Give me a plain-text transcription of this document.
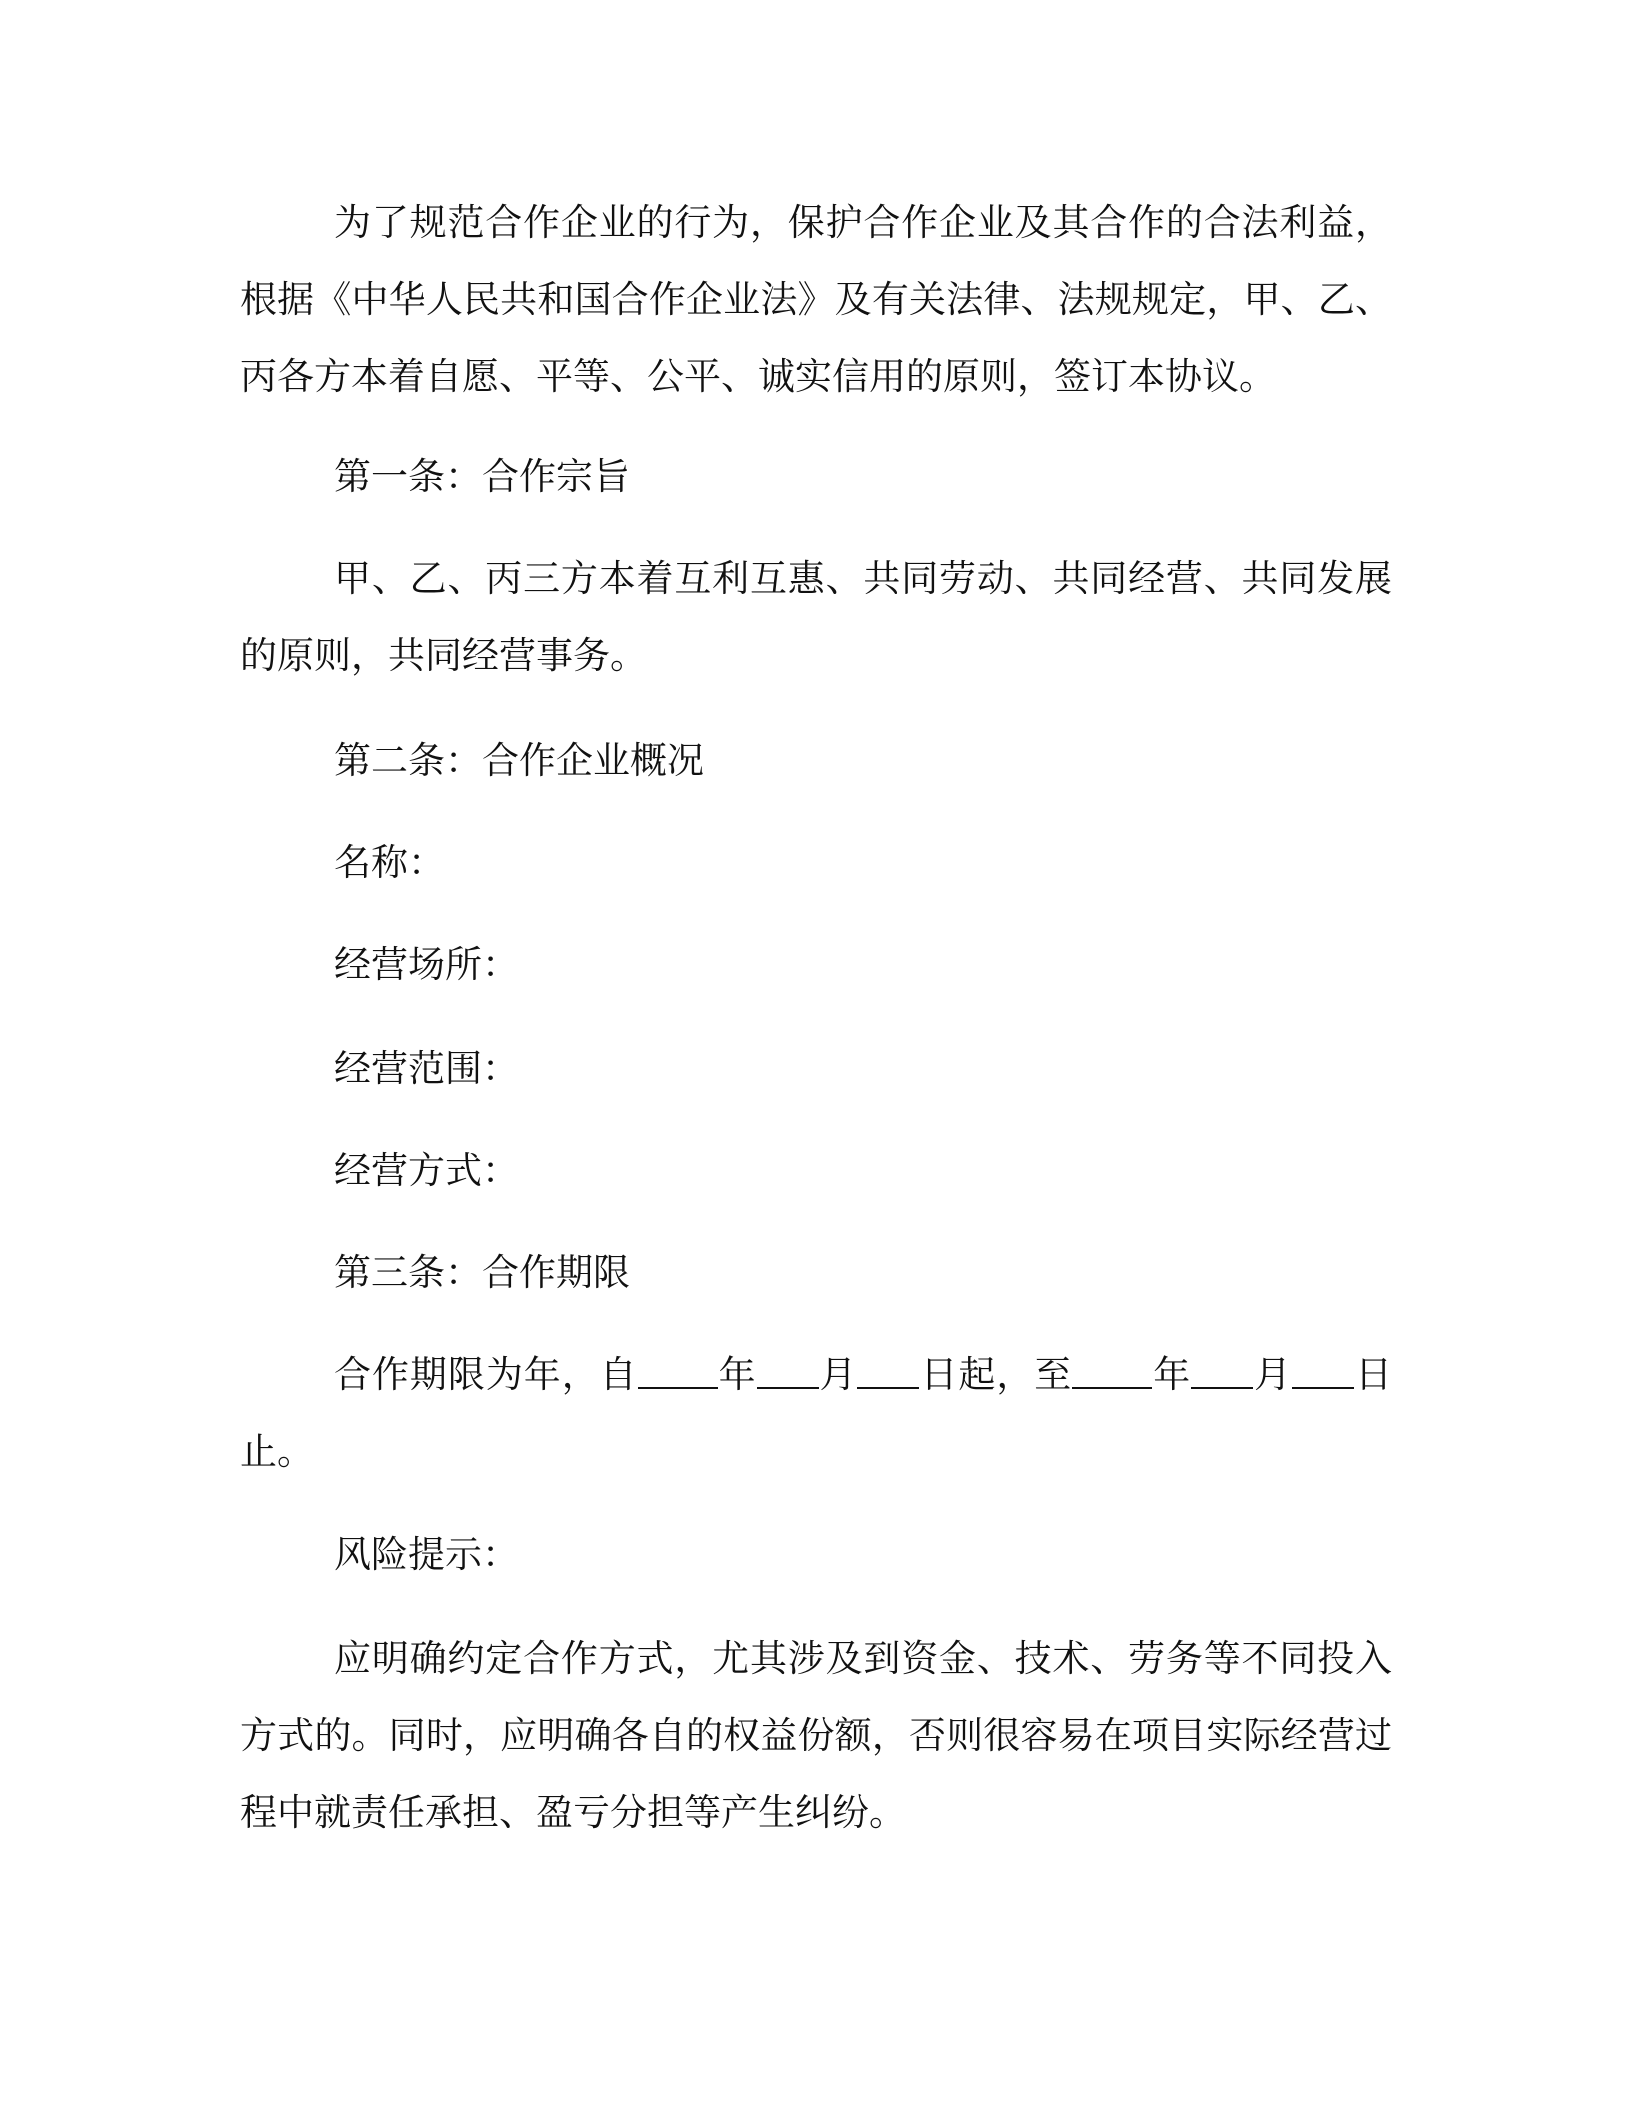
为了规范合作企业的行为，保护合作企业及其合作的合法利益，根据《中华人民共和国合作企业法》及有关法律、法规规定，甲、乙、丙各方本着自愿、平等、公平、诚实信用的原则，签订本协议。

第一条：合作宗旨

甲、乙、丙三方本着互利互惠、共同劳动、共同经营、共同发展的原则，共同经营事务。

第二条：合作企业概况

名称：

经营场所：

经营范围：

经营方式：

第三条：合作期限

合作期限为年，自 年 月 日起，至 年 月 日止。

风险提示：

应明确约定合作方式，尤其涉及到资金、技术、劳务等不同投入方式的。同时，应明确各自的权益份额，否则很容易在项目实际经营过程中就责任承担、盈亏分担等产生纠纷。
